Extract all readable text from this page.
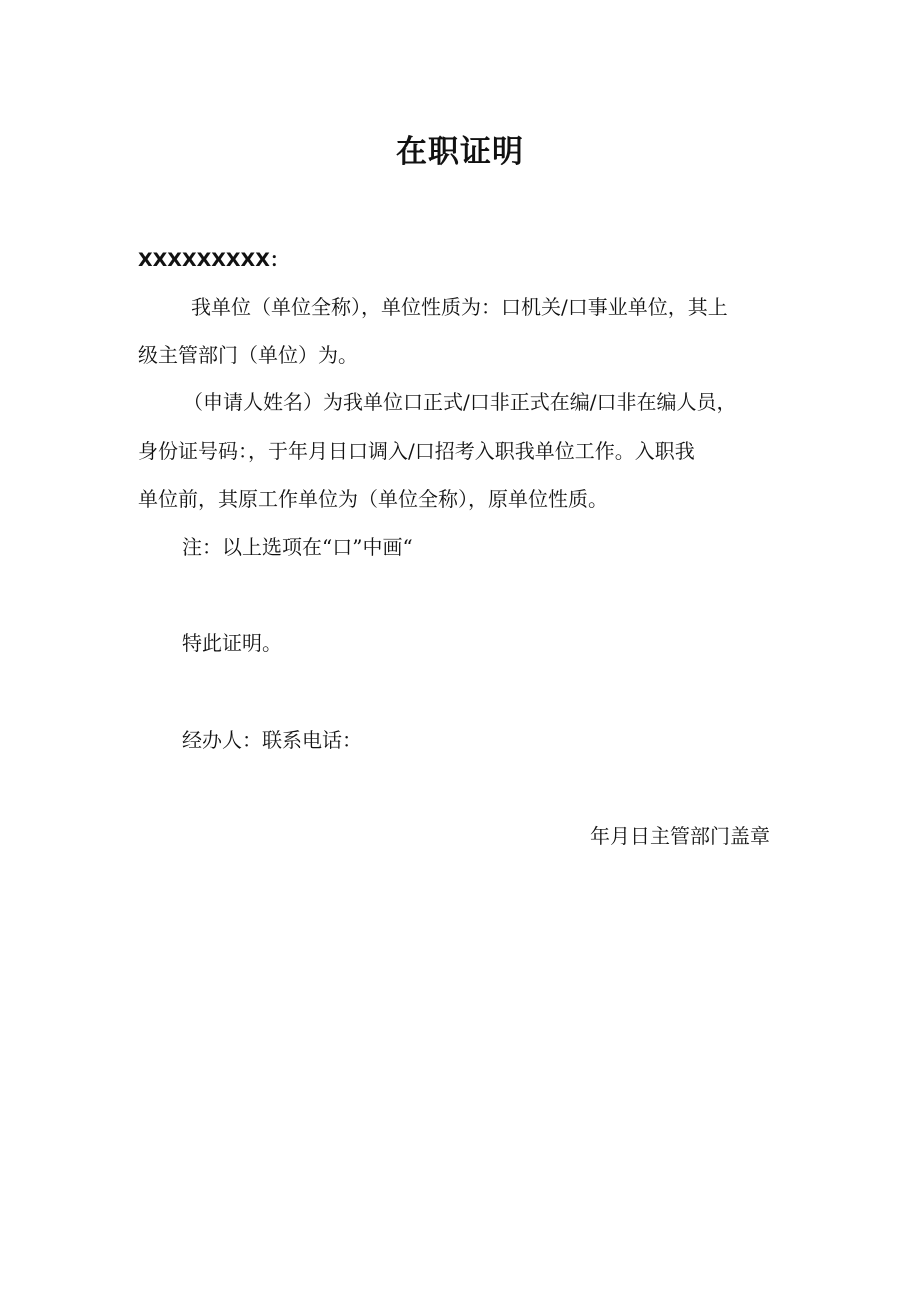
在职证明
XXXXXXXXX：
我单位（单位全称），单位性质为：口机关/口事业单位，其上
级主管部门（单位）为。
（申请人姓名）为我单位口正式/口非正式在编/口非在编人员，
身份证号码：，于年月日口调入/口招考入职我单位工作。入职我
单位前，其原工作单位为（单位全称），原单位性质。
注：以上选项在“口”中画“
特此证明。
经办人：联系电话：
年月日主管部门盖章
